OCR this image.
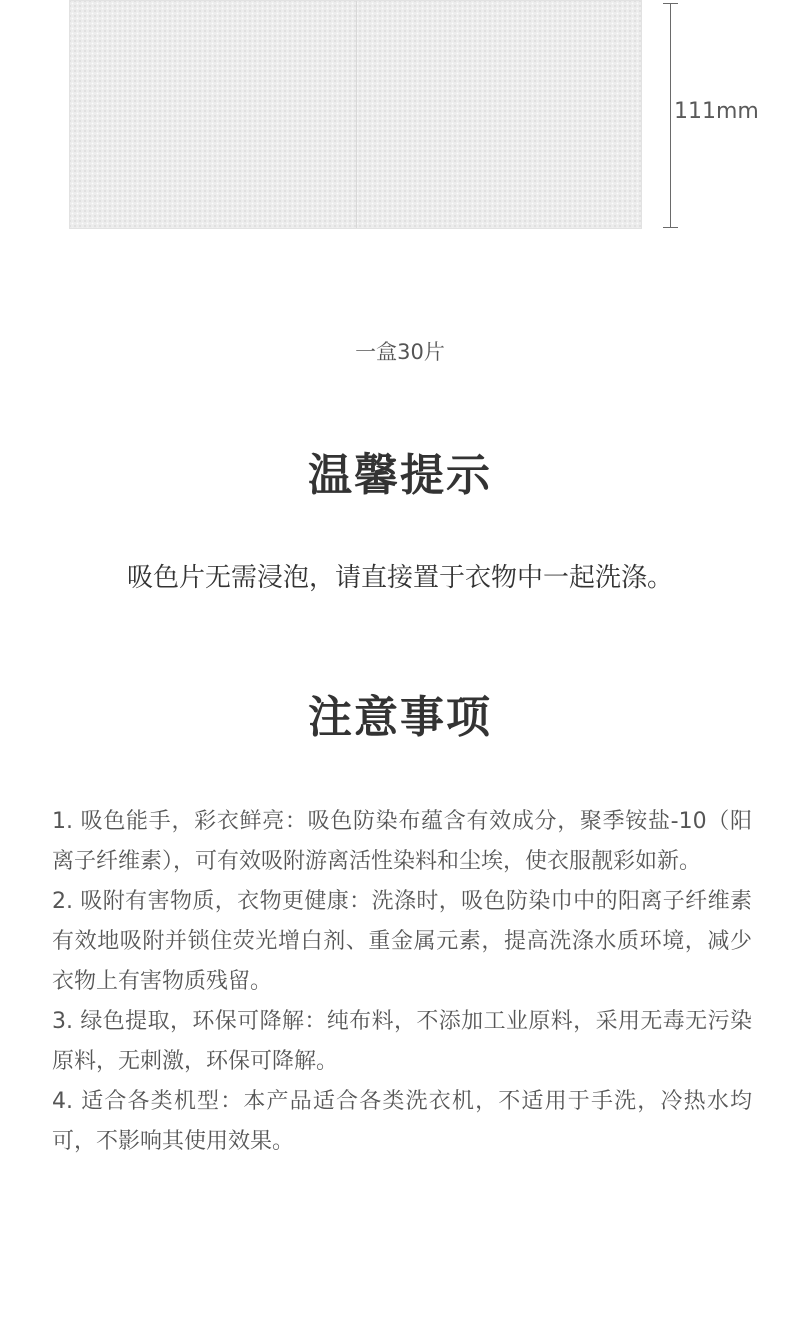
111mm
一盒30片
温馨提示
吸色片无需浸泡，请直接置于衣物中一起洗涤。
注意事项
1. 吸色能手，彩衣鲜亮：吸色防染布蕴含有效成分，聚季铵盐-10（阳离子纤维素），可有效吸附游离活性染料和尘埃，使衣服靓彩如新。
2. 吸附有害物质，衣物更健康：洗涤时，吸色防染巾中的阳离子纤维素有效地吸附并锁住荧光增白剂、重金属元素，提高洗涤水质环境，减少衣物上有害物质残留。
3. 绿色提取，环保可降解：纯布料，不添加工业原料，采用无毒无污染原料，无刺激，环保可降解。
4. 适合各类机型：本产品适合各类洗衣机，不适用于手洗，冷热水均可，不影响其使用效果。
